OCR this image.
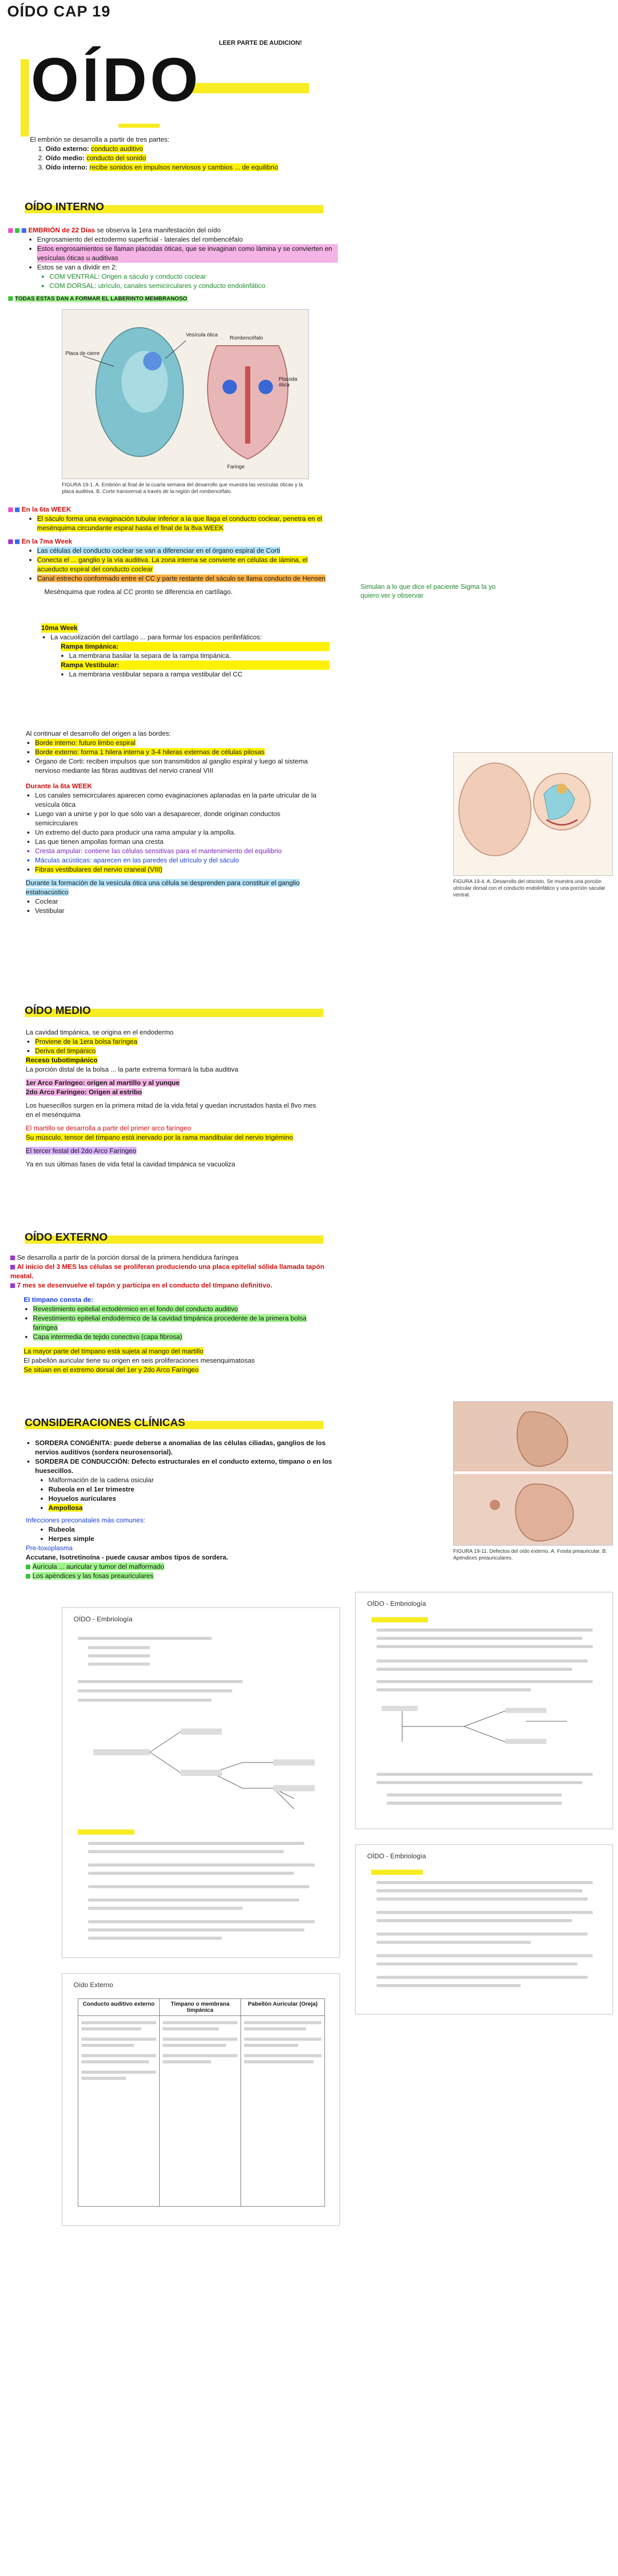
OÍDO CAP 19
LEER PARTE DE AUDICION!
OÍDO

El embrión se desarrolla a partir de tres partes:

1. Oído externo: conducto auditivo

2. Oído medio: conducto del sonido

3. Oído interno: recibe sonidos en impulsos nerviosos y cambios ... de equilibrio

OÍDO INTERNO

EMBRIÓN de 22 Días se observa la 1era manifestación del oído

• Engrosamiento del ectodermo superficial - laterales del rombencéfalo
• Estos engrosamientos se llaman placodas óticas, que se invaginan como lámina y se convierten en vesículas óticas u auditivas
• Estos se van a dividir en 2:
• COM VENTRAL: Origen a sáculo y conducto coclear
• COM DORSAL: utrículo, canales semicirculares y conducto endolinfático

TODAS ESTAS DAN A FORMAR EL LABERINTO MEMBRANOSO

Placa de cierre
Vesícula ótica
Rombencéfalo
Faringe
Placoda ótica
FIGURA 19-1. A. Embrión al final de la cuarta semana del desarrollo que muestra las vesículas óticas y la placa auditiva. B. Corte transversal a través de la región del rombencéfalo.

En la 6ta WEEK

• El sáculo forma una evaginación tubular inferior a la que llaga el conducto coclear, penetra en el mesénquima circundante espiral hasta el final de la 8va WEEK

En la 7ma Week

• Las células del conducto coclear se van a diferenciar en el órgano espiral de Corti
• Conecta el ... ganglio y la vía auditiva. La zona interna se convierte en células de lámina, el acueducto espiral del conducto coclear
• Canal estrecho conformado entre el CC y parte restante del sáculo se llama conducto de Hensen

Mesénquima que rodea al CC pronto se diferencia en cartílago.

Simulan a lo que dice el paciente Sigma la yo quiero ver y observar

10ma Week

• La vacuolización del cartílago ... para formar los espacios perilinfáticos:
Rampa timpánica:
• La membrana basilar la separa de la rampa timpánica.
Rampa Vestibular:
• La membrana vestibular separa a rampa vestibular del CC

Al continuar el desarrollo del origen a las bordes:

• Borde interno: futuro limbo espiral
• Borde externo: forma 1 hilera interna y 3-4 hileras externas de células pilosas
• Órgano de Corti: reciben impulsos que son transmitidos al ganglio espiral y luego al sistema nervioso mediante las fibras auditivas del nervio craneal VIII

Durante la 6ta WEEK

• Los canales semicirculares aparecen como evaginaciones aplanadas en la parte utricular de la vesícula ótica
• Luego van a unirse y por lo que sólo van a desaparecer, donde originan conductos semicirculares
• Un extremo del ducto para producir una rama ampular y la ampolla.
• Las que tienen ampollas forman una cresta
• Cresta ampular: contiene las células sensitivas para el mantenimiento del equilibrio
• Máculas acústicas: aparecen en las paredes del utrículo y del sáculo
• Fibras vestibulares del nervio craneal (VIII)

Durante la formación de la vesícula ótica una célula se desprenden para constituir el ganglio estatoacústico

• Coclear
• Vestibular
FIGURA 19-4. A. Desarrollo del otocisto. Se muestra una porción utricular dorsal con el conducto endolinfático y una porción sacular ventral.
OÍDO MEDIO

La cavidad timpánica, se origina en el endodermo

• Proviene de la 1era bolsa faríngea
• Deriva del timpánico

Receso tubotimpánico

La porción distal de la bolsa ... la parte extrema formará la tuba auditiva

1er Arco Faríngeo: origen al martillo y al yunque

2do Arco Faríngeo: Origen al estribo

Los huesecillos surgen en la primera mitad de la vida fetal y quedan incrustados hasta el 8vo mes en el mesénquima

El martillo se desarrolla a partir del primer arco faríngeo

Su músculo, tensor del tímpano está inervado por la rama mandibular del nervio trigémino

El tercer festal del 2do Arco Faríngeo

Ya en sus últimas fases de vida fetal la cavidad timpánica se vacuoliza

OÍDO EXTERNO

Se desarrolla a partir de la porción dorsal de la primera hendidura faríngea

Al inicio del 3 MES las células se proliferan produciendo una placa epitelial sólida llamada tapón meatal.

7 mes se desenvuelve el tapón y participa en el conducto del tímpano definitivo.

El tímpano consta de:

• Revestimiento epitelial ectodérmico en el fondo del conducto auditivo
• Revestimiento epitelial endodérmico de la cavidad timpánica procedente de la primera bolsa faríngea
• Capa intermedia de tejido conectivo (capa fibrosa)

La mayor parte del tímpano está sujeta al mango del martillo

El pabellón auricular tiene su origen en seis proliferaciones mesenquimatosas

Se sitúan en el extremo dorsal del 1er y 2do Arco Faríngeo

CONSIDERACIONES CLÍNICAS
• SORDERA CONGÉNITA: puede deberse a anomalías de las células ciliadas, ganglios de los nervios auditivos (sordera neurosensorial).
• SORDERA DE CONDUCCIÓN: Defecto estructurales en el conducto externo, tímpano o en los huesecillos.
• Malformación de la cadena osicular
• Rubeola en el 1er trimestre
• Hoyuelos auriculares
• Ampollosa

Infecciones preconatales más comunes:

• Rubeola
• Herpes simple

Pre-toxoplasma

Accutane, Isotretinoína - puede causar ambos tipos de sordera.

Aurícula ... auricular y tumor del malformado

Los apéndices y las fosas preauriculares

FIGURA 19-11. Defectos del oído externo. A. Fosita preauricular. B. Apéndices preauriculares.
OÍDO - Embriología
OÍDO - Embriología
Oído Externo
Conducto auditivo externo	Tímpano o membrana timpánica	Pabellón Auricular (Oreja)

OÍDO - Embriología
